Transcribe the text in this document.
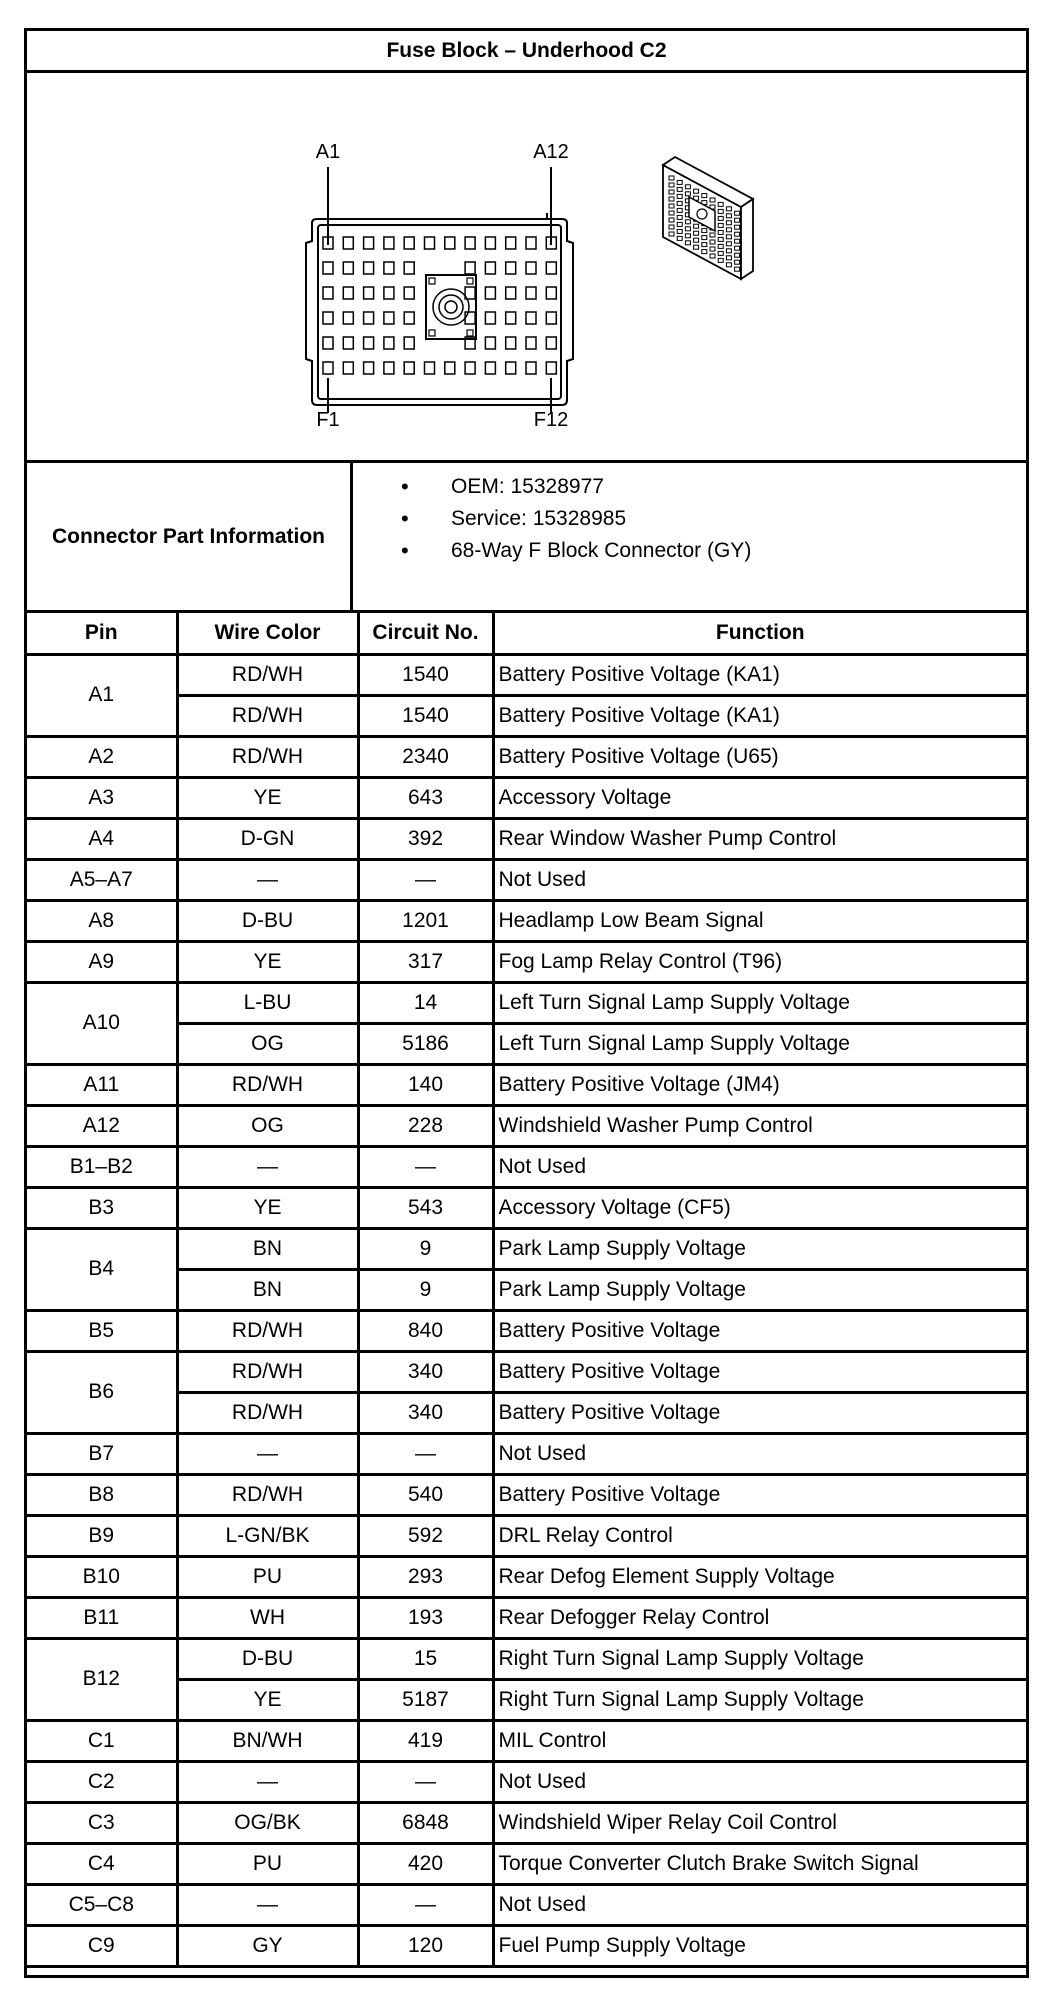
Fuse Block – Underhood C2
A1	A12
F1	F12
Connector Part Information
• OEM: 15328977
• Service: 15328985
• 68-Way F Block Connector (GY)
Pin	Wire Color	Circuit No.	Function
A1	RD/WH	1540	Battery Positive Voltage (KA1)
	RD/WH	1540	Battery Positive Voltage (KA1)
A2	RD/WH	2340	Battery Positive Voltage (U65)
A3	YE	643	Accessory Voltage
A4	D-GN	392	Rear Window Washer Pump Control
A5–A7	—	—	Not Used
A8	D-BU	1201	Headlamp Low Beam Signal
A9	YE	317	Fog Lamp Relay Control (T96)
A10	L-BU	14	Left Turn Signal Lamp Supply Voltage
	OG	5186	Left Turn Signal Lamp Supply Voltage
A11	RD/WH	140	Battery Positive Voltage (JM4)
A12	OG	228	Windshield Washer Pump Control
B1–B2	—	—	Not Used
B3	YE	543	Accessory Voltage (CF5)
B4	BN	9	Park Lamp Supply Voltage
	BN	9	Park Lamp Supply Voltage
B5	RD/WH	840	Battery Positive Voltage
B6	RD/WH	340	Battery Positive Voltage
	RD/WH	340	Battery Positive Voltage
B7	—	—	Not Used
B8	RD/WH	540	Battery Positive Voltage
B9	L-GN/BK	592	DRL Relay Control
B10	PU	293	Rear Defog Element Supply Voltage
B11	WH	193	Rear Defogger Relay Control
B12	D-BU	15	Right Turn Signal Lamp Supply Voltage
	YE	5187	Right Turn Signal Lamp Supply Voltage
C1	BN/WH	419	MIL Control
C2	—	—	Not Used
C3	OG/BK	6848	Windshield Wiper Relay Coil Control
C4	PU	420	Torque Converter Clutch Brake Switch Signal
C5–C8	—	—	Not Used
C9	GY	120	Fuel Pump Supply Voltage
